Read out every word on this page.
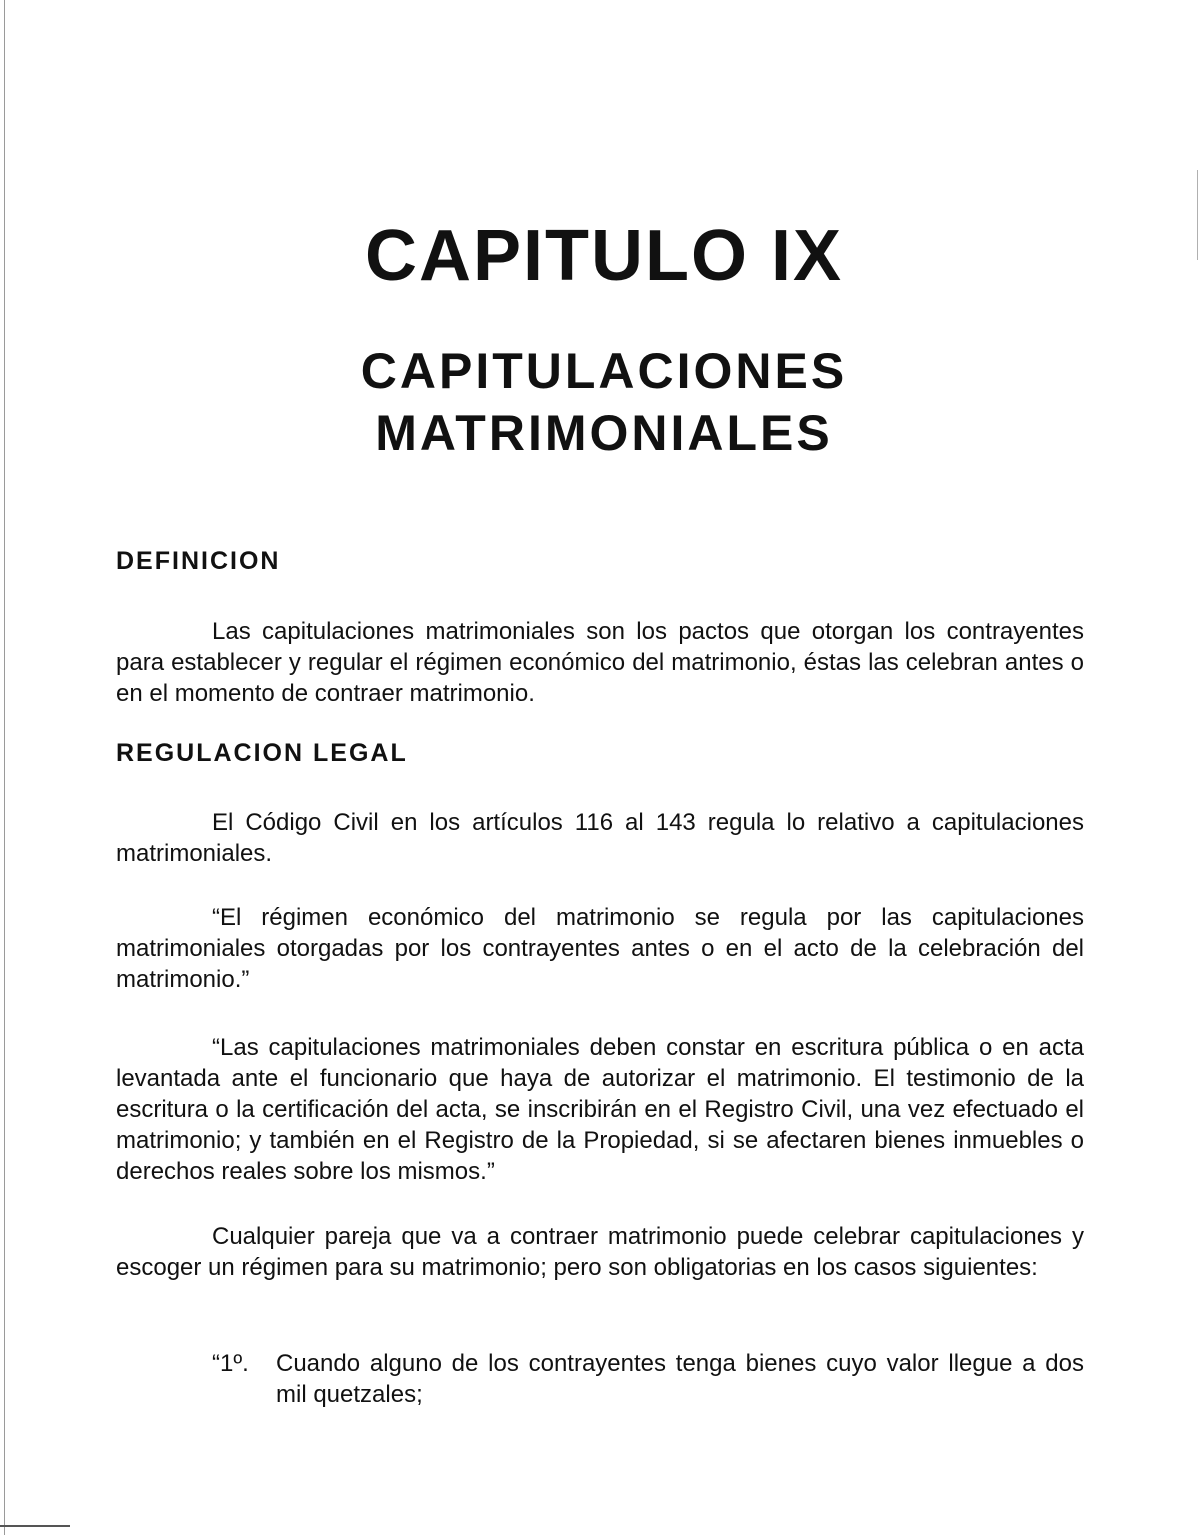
CAPITULO IX
CAPITULACIONES
MATRIMONIALES
DEFINICION

Las capitulaciones matrimoniales son los pactos que otorgan los contrayentes para establecer y regular el régimen económico del matrimonio, éstas las celebran antes o en el momento de contraer matrimonio.

REGULACION LEGAL

El Código Civil en los artículos 116 al 143 regula lo relativo a capitulaciones matrimoniales.

“El régimen económico del matrimonio se regula por las capitulaciones matrimoniales otorgadas por los contrayentes antes o en el acto de la celebración del matrimonio.”

“Las capitulaciones matrimoniales deben constar en escritura pública o en acta levantada ante el funcionario que haya de autorizar el matrimonio. El testimonio de la escritura o la certificación del acta, se inscribirán en el Registro Civil, una vez efectuado el matrimonio; y también en el Registro de la Propiedad, si se afectaren bienes inmuebles o derechos reales sobre los mismos.”

Cualquier pareja que va a contraer matrimonio puede celebrar capitulaciones y escoger un régimen para su matrimonio; pero son obligatorias en los casos siguientes:

“1º.	Cuando alguno de los contrayentes tenga bienes cuyo valor llegue a dos mil quetzales;
